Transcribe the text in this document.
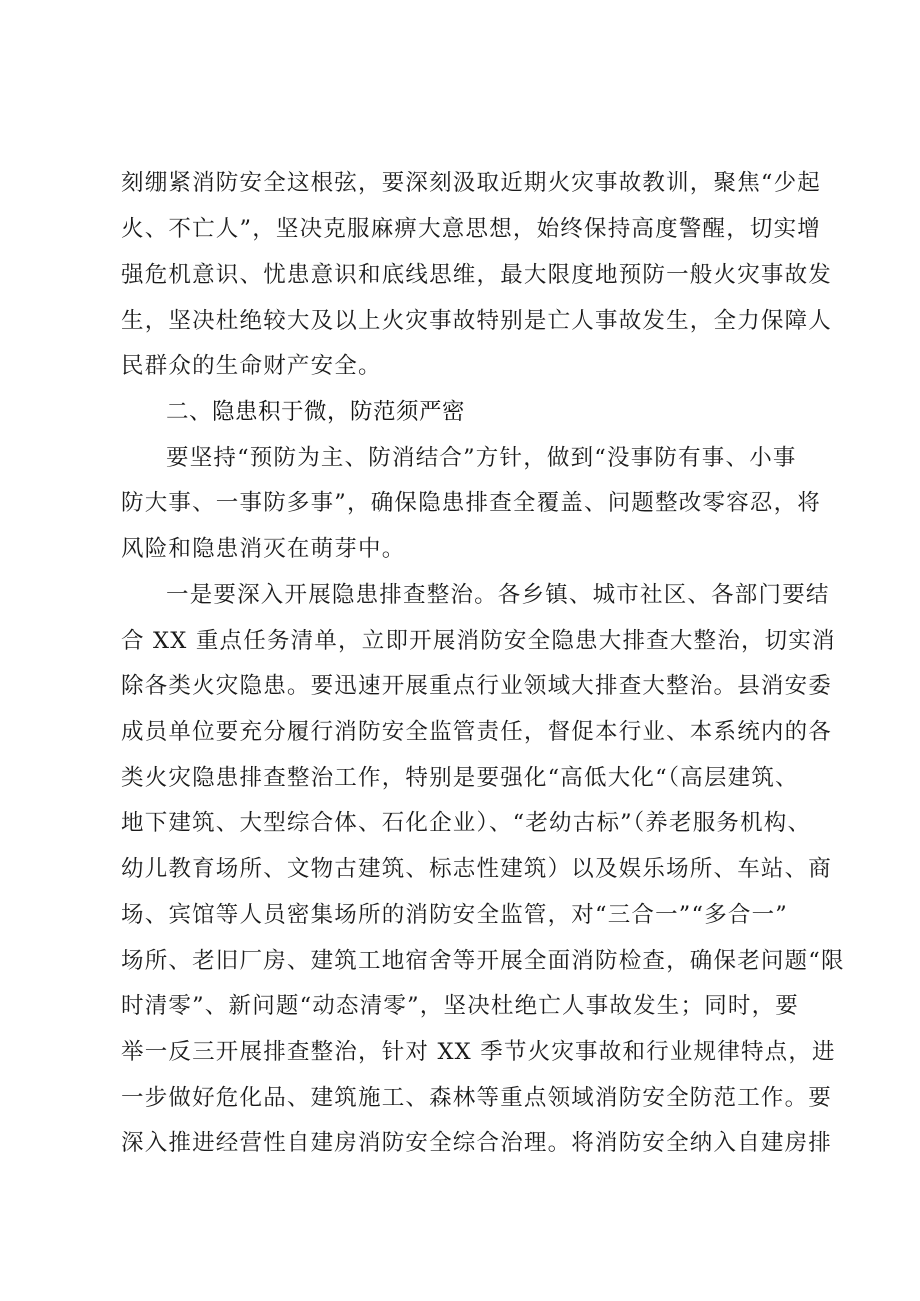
刻绷紧消防安全这根弦，要深刻汲取近期火灾事故教训，聚焦“少起
火、不亡人”，坚决克服麻痹大意思想，始终保持高度警醒，切实增
强危机意识、忧患意识和底线思维，最大限度地预防一般火灾事故发
生，坚决杜绝较大及以上火灾事故特别是亡人事故发生，全力保障人
民群众的生命财产安全。
二、隐患积于微，防范须严密
要坚持“预防为主、防消结合”方针，做到“没事防有事、小事
防大事、一事防多事”，确保隐患排查全覆盖、问题整改零容忍，将
风险和隐患消灭在萌芽中。
一是要深入开展隐患排查整治。各乡镇、城市社区、各部门要结
合 XX 重点任务清单，立即开展消防安全隐患大排查大整治，切实消
除各类火灾隐患。要迅速开展重点行业领域大排查大整治。县消安委
成员单位要充分履行消防安全监管责任，督促本行业、本系统内的各
类火灾隐患排查整治工作，特别是要强化“高低大化“（高层建筑、
地下建筑、大型综合体、石化企业）、“老幼古标”（养老服务机构、
幼儿教育场所、文物古建筑、标志性建筑）以及娱乐场所、车站、商
场、宾馆等人员密集场所的消防安全监管，对“三合一”“多合一”
场所、老旧厂房、建筑工地宿舍等开展全面消防检查，确保老问题“限
时清零”、新问题“动态清零”，坚决杜绝亡人事故发生；同时，要
举一反三开展排查整治，针对 XX 季节火灾事故和行业规律特点，进
一步做好危化品、建筑施工、森林等重点领域消防安全防范工作。要
深入推进经营性自建房消防安全综合治理。将消防安全纳入自建房排
